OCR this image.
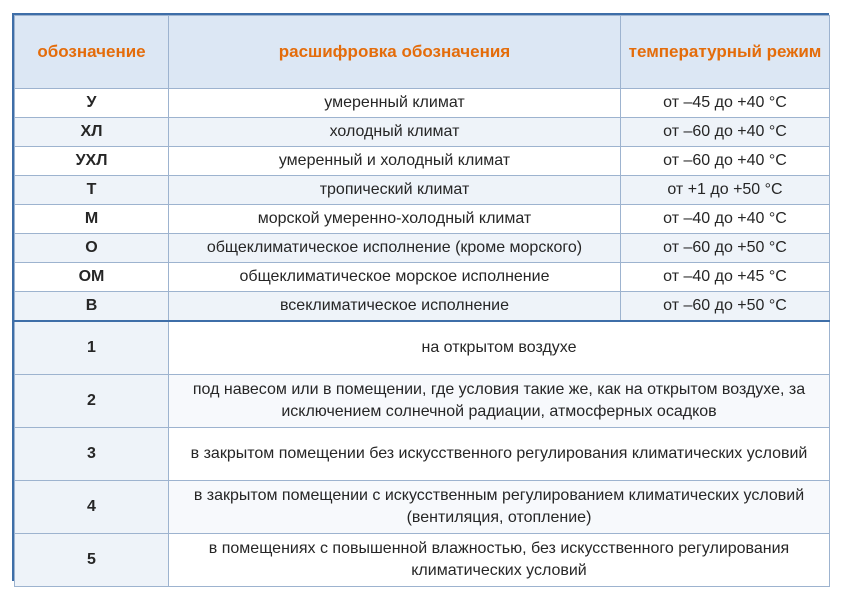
обозначение	расшифровка обозначения	температурный режим
У	умеренный климат	от –45 до +40 °С
ХЛ	холодный климат	от –60 до +40 °С
УХЛ	умеренный и холодный климат	от –60 до +40 °С
Т	тропический климат	от +1 до +50 °С
М	морской умеренно-холодный климат	от –40 до +40 °С
О	общеклиматическое исполнение (кроме морского)	от –60 до +50 °С
ОМ	общеклиматическое морское исполнение	от –40 до +45 °С
В	всеклиматическое исполнение	от –60 до +50 °С
1	на открытом воздухе	
2	под навесом или в помещении, где условия такие же, как на открытом воздухе, за исключением солнечной радиации, атмосферных осадков	
3	в закрытом помещении без искусственного регулирования климатических условий	
4	в закрытом помещении с искусственным регулированием климатических условий (вентиляция, отопление)	
5	в помещениях с повышенной влажностью, без искусственного регулирования климатических условий	
